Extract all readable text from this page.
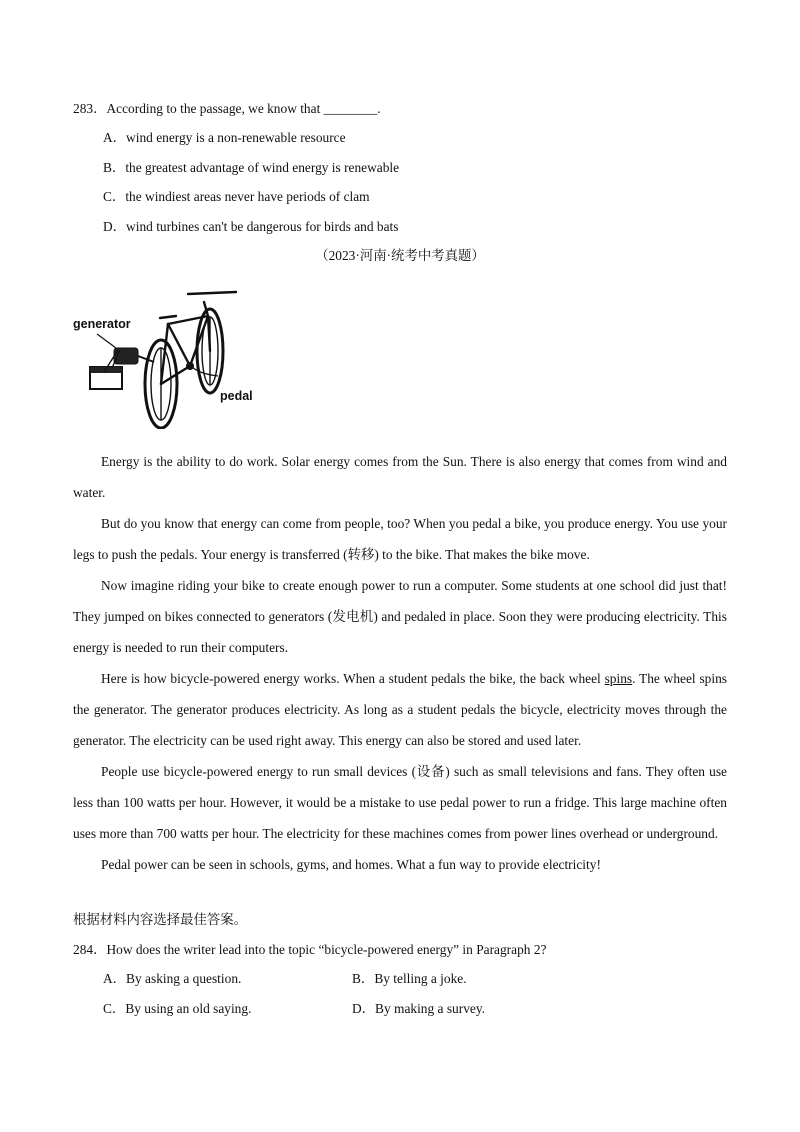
283．According to the passage, we know that ________.
A．wind energy is a non-renewable resource
B．the greatest advantage of wind energy is renewable
C．the windiest areas never have periods of clam
D．wind turbines can't be dangerous for birds and bats
（2023·河南·统考中考真题）
generator
pedal

Energy is the ability to do work. Solar energy comes from the Sun. There is also energy that comes from wind and water.

But do you know that energy can come from people, too? When you pedal a bike, you produce energy. You use your legs to push the pedals. Your energy is transferred (转移) to the bike. That makes the bike move.

Now imagine riding your bike to create enough power to run a computer. Some students at one school did just that! They jumped on bikes connected to generators (发电机) and pedaled in place. Soon they were producing electricity. This energy is needed to run their computers.

Here is how bicycle-powered energy works. When a student pedals the bike, the back wheel spins. The wheel spins the generator. The generator produces electricity. As long as a student pedals the bicycle, electricity moves through the generator. The electricity can be used right away. This energy can also be stored and used later.

People use bicycle-powered energy to run small devices (设备) such as small televisions and fans. They often use less than 100 watts per hour. However, it would be a mistake to use pedal power to run a fridge. This large machine often uses more than 700 watts per hour. The electricity for these machines comes from power lines overhead or underground.

Pedal power can be seen in schools, gyms, and homes. What a fun way to provide electricity!

根据材料内容选择最佳答案。
284．How does the writer lead into the topic “bicycle-powered energy” in Paragraph 2?
A．By asking a question.	B．By telling a joke.
C．By using an old saying.	D．By making a survey.
